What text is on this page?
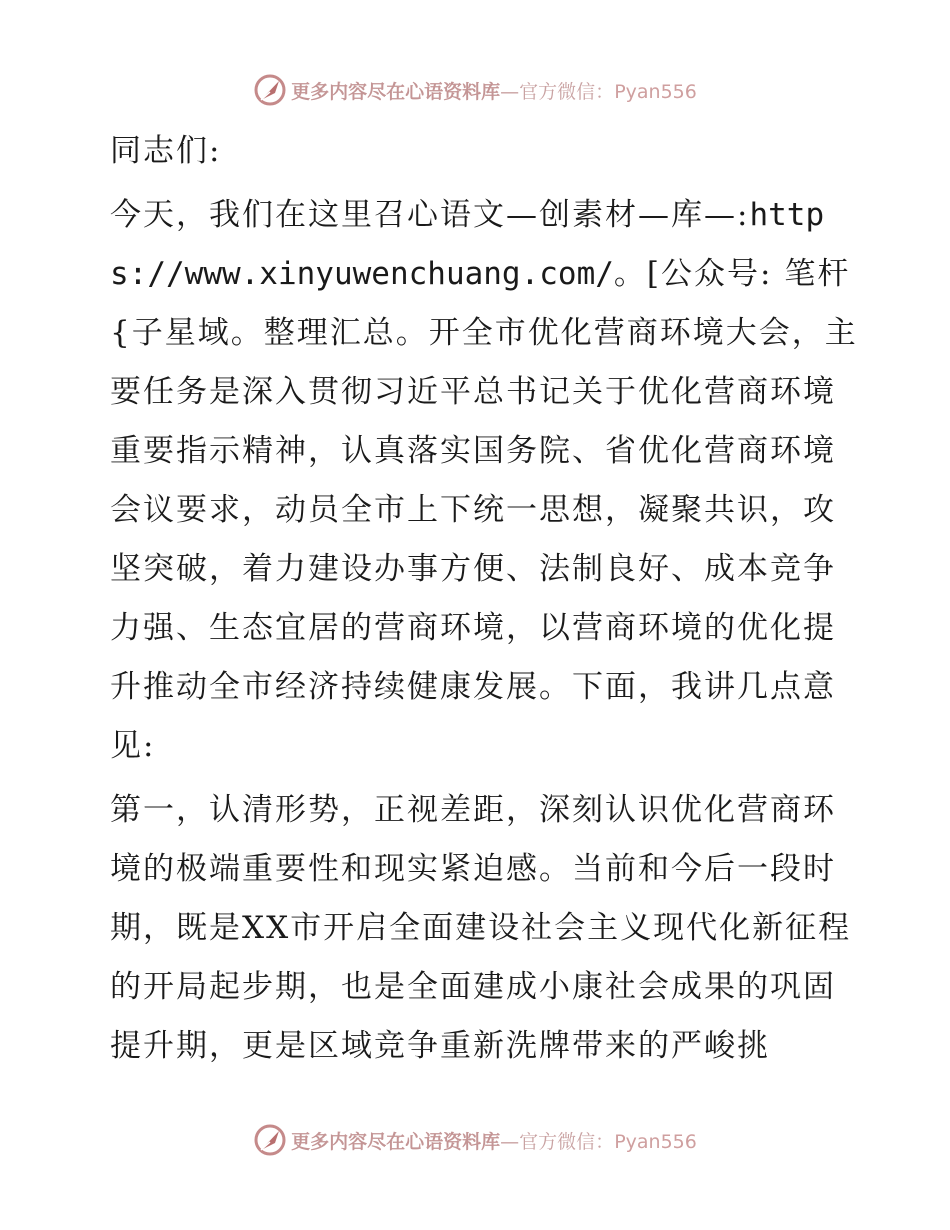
更多内容尽在心语资料库—官方微信：Pyan556

同志们:

今天，我们在这里召心语文—创素材—库—:https://www.xinyuwenchuang.com/。[公众号: 笔杆{子星域。整理汇总。开全市优化营商环境大会，主要任务是深入贯彻习近平总书记关于优化营商环境重要指示精神，认真落实国务院、省优化营商环境会议要求，动员全市上下统一思想，凝聚共识，攻坚突破，着力建设办事方便、法制良好、成本竞争力强、生态宜居的营商环境，以营商环境的优化提升推动全市经济持续健康发展。下面，我讲几点意见:

第一，认清形势，正视差距，深刻认识优化营商环境的极端重要性和现实紧迫感。当前和今后一段时期，既是XX市开启全面建设社会主义现代化新征程的开局起步期，也是全面建成小康社会成果的巩固提升期，更是区域竞争重新洗牌带来的严峻挑

更多内容尽在心语资料库—官方微信：Pyan556
